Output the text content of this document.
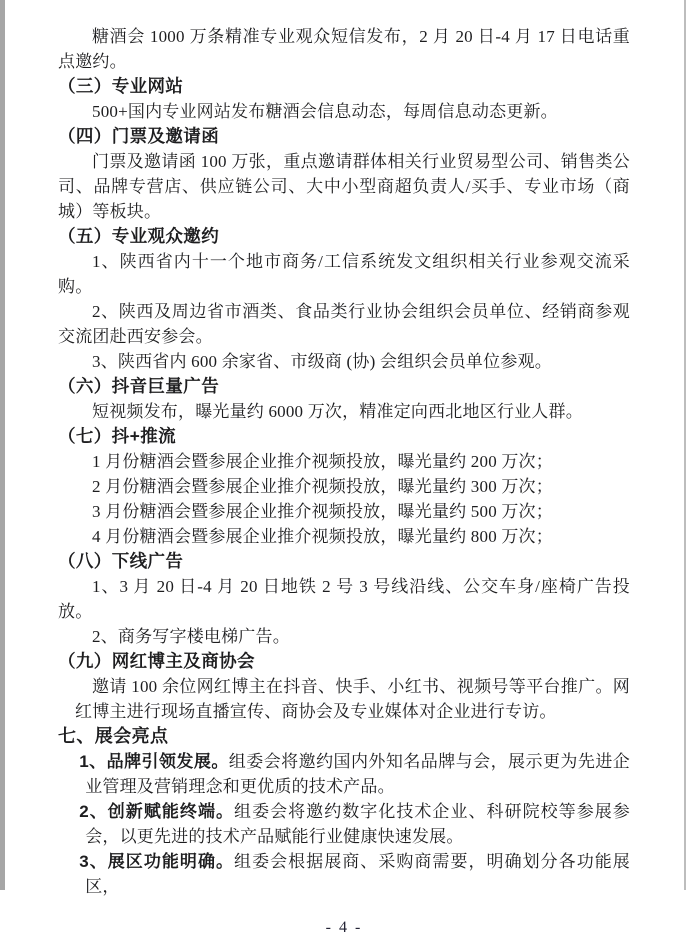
糖酒会 1000 万条精准专业观众短信发布，2 月 20 日-4 月 17 日电话重点邀约。

（三）专业网站

500+国内专业网站发布糖酒会信息动态，每周信息动态更新。

（四）门票及邀请函

门票及邀请函 100 万张，重点邀请群体相关行业贸易型公司、销售类公司、品牌专营店、供应链公司、大中小型商超负责人/买手、专业市场（商城）等板块。

（五）专业观众邀约

1、陕西省内十一个地市商务/工信系统发文组织相关行业参观交流采购。

2、陕西及周边省市酒类、食品类行业协会组织会员单位、经销商参观交流团赴西安参会。

3、陕西省内 600 余家省、市级商 (协) 会组织会员单位参观。

（六）抖音巨量广告

短视频发布，曝光量约 6000 万次，精准定向西北地区行业人群。

（七）抖+推流

1 月份糖酒会暨参展企业推介视频投放，曝光量约 200 万次；

2 月份糖酒会暨参展企业推介视频投放，曝光量约 300 万次；

3 月份糖酒会暨参展企业推介视频投放，曝光量约 500 万次；

4 月份糖酒会暨参展企业推介视频投放，曝光量约 800 万次；

（八）下线广告

1、3 月 20 日-4 月 20 日地铁 2 号 3 号线沿线、公交车身/座椅广告投放。

2、商务写字楼电梯广告。

（九）网红博主及商协会

邀请 100 余位网红博主在抖音、快手、小红书、视频号等平台推广。网红博主进行现场直播宣传、商协会及专业媒体对企业进行专访。

七、展会亮点

1、品牌引领发展。组委会将邀约国内外知名品牌与会，展示更为先进企业管理及营销理念和更优质的技术产品。

2、创新赋能终端。组委会将邀约数字化技术企业、科研院校等参展参会，以更先进的技术产品赋能行业健康快速发展。

3、展区功能明确。组委会根据展商、采购商需要，明确划分各功能展区，

- 4 -
